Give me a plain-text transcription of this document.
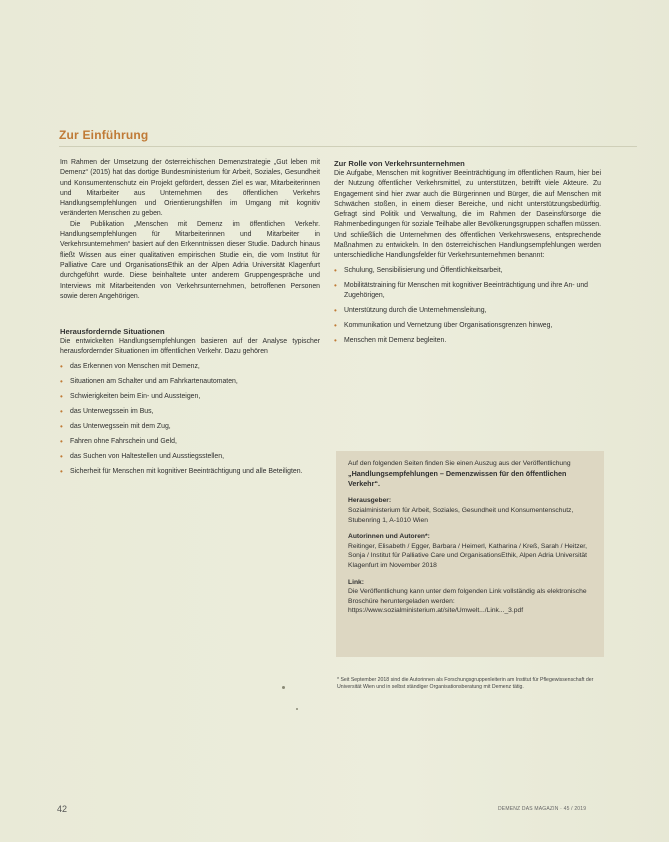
Zur Einführung

Im Rahmen der Umsetzung der österreichischen Demenzstrategie „Gut leben mit Demenz“ (2015) hat das dortige Bundesministerium für Arbeit, Soziales, Gesundheit und Konsumentenschutz ein Projekt gefördert, dessen Ziel es war, Mitarbeiterinnen und Mitarbeiter aus Unternehmen des öffentlichen Verkehrs Handlungsempfehlungen und Orientierungshilfen im Umgang mit kognitiv veränderten Menschen zu geben.

Die Publikation „Menschen mit Demenz im öffentlichen Verkehr. Handlungsempfehlungen für Mitarbeiterinnen und Mitarbeiter in Verkehrsunternehmen“ basiert auf den Erkenntnissen dieser Studie. Dadurch hinaus fließt Wissen aus einer qualitativen empirischen Studie ein, die vom Institut für Palliative Care und OrganisationsEthik an der Alpen Adria Universität Klagenfurt durchgeführt wurde. Diese beinhaltete unter anderem Gruppengespräche und Interviews mit Mitarbeitenden von Verkehrsunternehmen, betroffenen Personen sowie deren Angehörigen.

Herausfordernde Situationen

Die entwickelten Handlungsempfehlungen basieren auf der Analyse typischer herausfordernder Situationen im öffentlichen Verkehr. Dazu gehören

• das Erkennen von Menschen mit Demenz,
• Situationen am Schalter und am Fahrkartenautomaten,
• Schwierigkeiten beim Ein- und Aussteigen,
• das Unterwegssein im Bus,
• das Unterwegssein mit dem Zug,
• Fahren ohne Fahrschein und Geld,
• das Suchen von Haltestellen und Ausstiegsstellen,
• Sicherheit für Menschen mit kognitiver Beeinträchtigung und alle Beteiligten.

Zur Rolle von Verkehrsunternehmen

Die Aufgabe, Menschen mit kognitiver Beeinträchtigung im öffentlichen Raum, hier bei der Nutzung öffentlicher Verkehrsmittel, zu unterstützen, betrifft viele Akteure. Zu Engagement sind hier zwar auch die Bürgerinnen und Bürger, die auf Menschen mit Schwächen stoßen, in einem dieser Bereiche, und nicht unterstützungsbedürftig. Gefragt sind Politik und Verwaltung, die im Rahmen der Daseinsfürsorge die Rahmenbedingungen für soziale Teilhabe aller Bevölkerungsgruppen schaffen müssen. Und schließlich die Unternehmen des öffentlichen Verkehrswesens, entsprechende Maßnahmen zu entwickeln. In den österreichischen Handlungsempfehlungen werden unterschiedliche Handlungsfelder für Verkehrsunternehmen benannt:

• Schulung, Sensibilisierung und Öffentlichkeitsarbeit,
• Mobilitätstraining für Menschen mit kognitiver Beeinträchtigung und ihre An- und Zugehörigen,
• Unterstützung durch die Unternehmensleitung,
• Kommunikation und Vernetzung über Organisationsgrenzen hinweg,
• Menschen mit Demenz begleiten.

Auf den folgenden Seiten finden Sie einen Auszug aus der Veröffentlichung

„Handlungsempfehlungen – Demenzwissen für den öffentlichen Verkehr“.

Herausgeber:

Sozialministerium für Arbeit, Soziales, Gesundheit und Konsumentenschutz, Stubenring 1, A-1010 Wien

Autorinnen und Autoren*:

Reitinger, Elisabeth / Egger, Barbara / Heimerl, Katharina / Kreß, Sarah / Heitzer, Sonja / Institut für Palliative Care und OrganisationsEthik, Alpen Adria Universität Klagenfurt im November 2018

Link:

Die Veröffentlichung kann unter dem folgenden Link vollständig als elektronische Broschüre heruntergeladen werden: https://www.sozialministerium.at/site/Umwelt.../Link..._3.pdf

* Seit September 2018 sind die Autorinnen als Forschungsgruppenleiterin am Institut für Pflegewissenschaft der Universität Wien und in selbst ständiger Organisationsberatung mit Demenz tätig.
42	DEMENZ DAS MAGAZIN · 45 / 2019
